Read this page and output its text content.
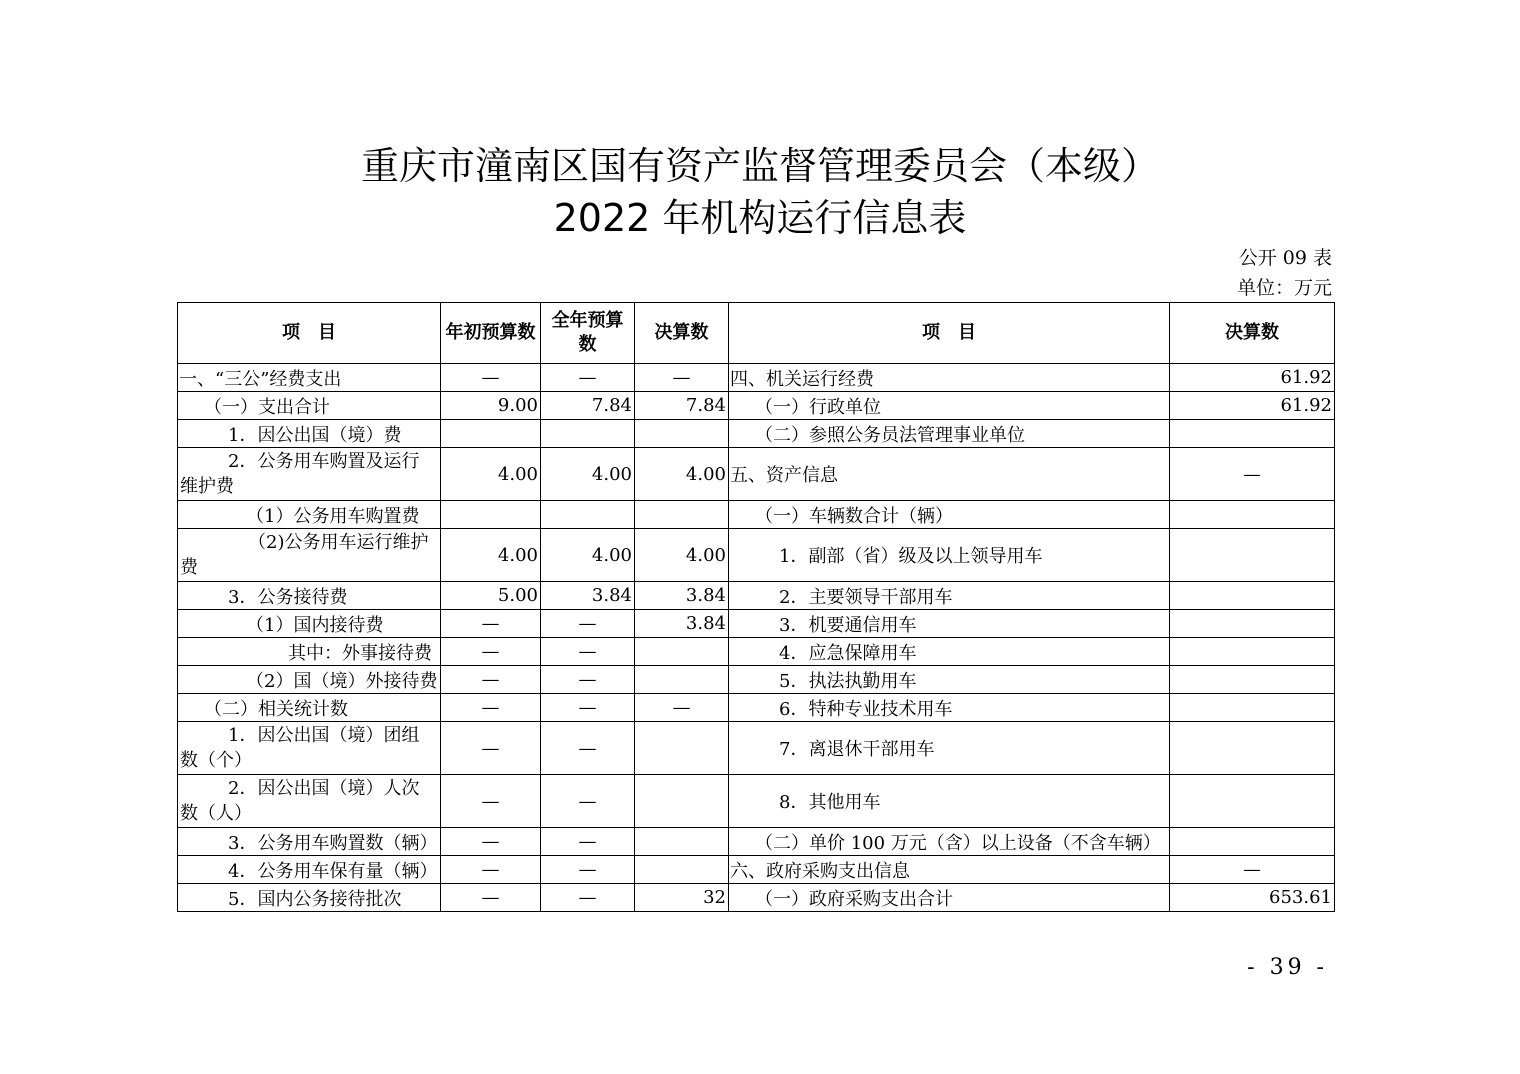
重庆市潼南区国有资产监督管理委员会（本级）
2022 年机构运行信息表
公开 09 表
单位：万元
项　目	年初预算数	全年预算数	决算数	项　目	决算数
一、“三公”经费支出	—	—	—	四、机关运行经费	61.92
（一）支出合计	9.00	7.84	7.84	（一）行政单位	61.92
1．因公出国（境）费				（二）参照公务员法管理事业单位	

2．公务用车购置及运行
维护费	4.00	4.00	4.00	五、资产信息	—
（1）公务用车购置费				（一）车辆数合计（辆）	

（2)公务用车运行维护
费	4.00	4.00	4.00	1．副部（省）级及以上领导用车	
3．公务接待费	5.00	3.84	3.84	2．主要领导干部用车	
（1）国内接待费	—	—	3.84	3．机要通信用车	
其中：外事接待费	—	—		4．应急保障用车	
（2）国（境）外接待费	—	—		5．执法执勤用车	
（二）相关统计数	—	—	—	6．特种专业技术用车	

1．因公出国（境）团组
数（个）	—	—		7．离退休干部用车	

2．因公出国（境）人次
数（人）	—	—		8．其他用车	
3．公务用车购置数（辆）	—	—		（二）单价 100 万元（含）以上设备（不含车辆）	
4．公务用车保有量（辆）	—	—		六、政府采购支出信息	—
5．国内公务接待批次	—	—	32	（一）政府采购支出合计	653.61
- 39 -
